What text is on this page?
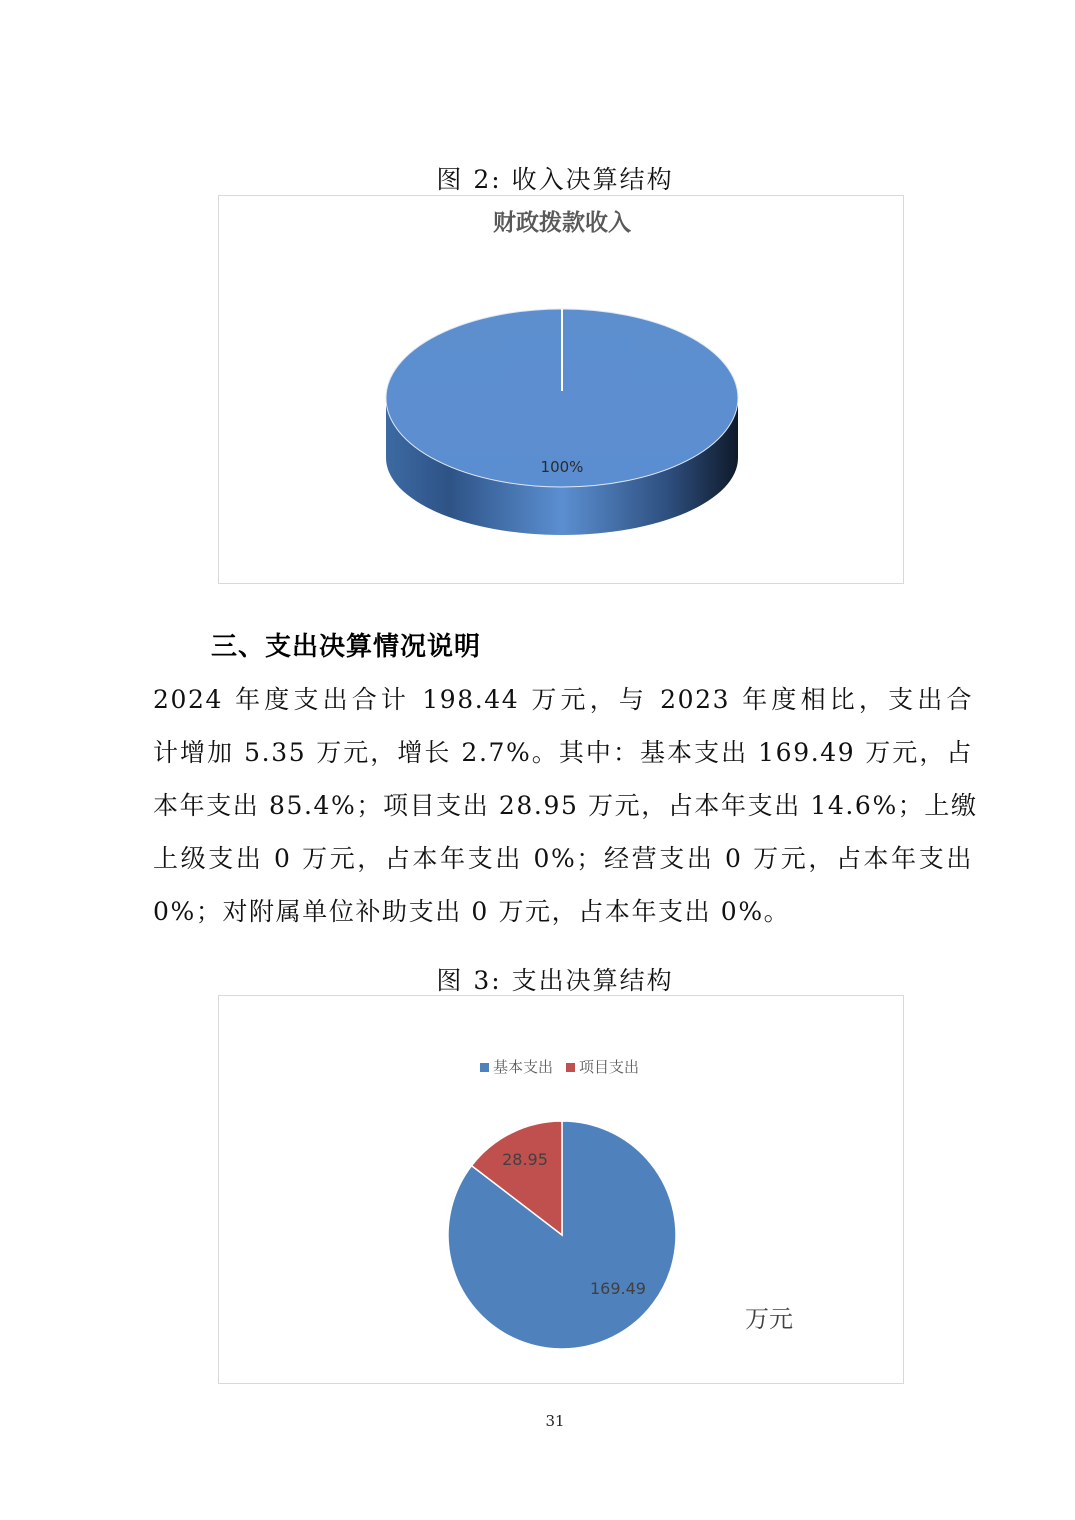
图 2: 收入决算结构
财政拨款收入
100%
三、支出决算情况说明
2024 年度支出合计 198.44 万元，与 2023 年度相比，支出合
计增加 5.35 万元，增长 2.7%。其中：基本支出 169.49 万元，占
本年支出 85.4%；项目支出 28.95 万元，占本年支出 14.6%；上缴
上级支出 0 万元，占本年支出 0%；经营支出 0 万元，占本年支出
0%；对附属单位补助支出 0 万元，占本年支出 0%。
图 3: 支出决算结构
基本支出 项目支出
169.49
28.95
万元
31
